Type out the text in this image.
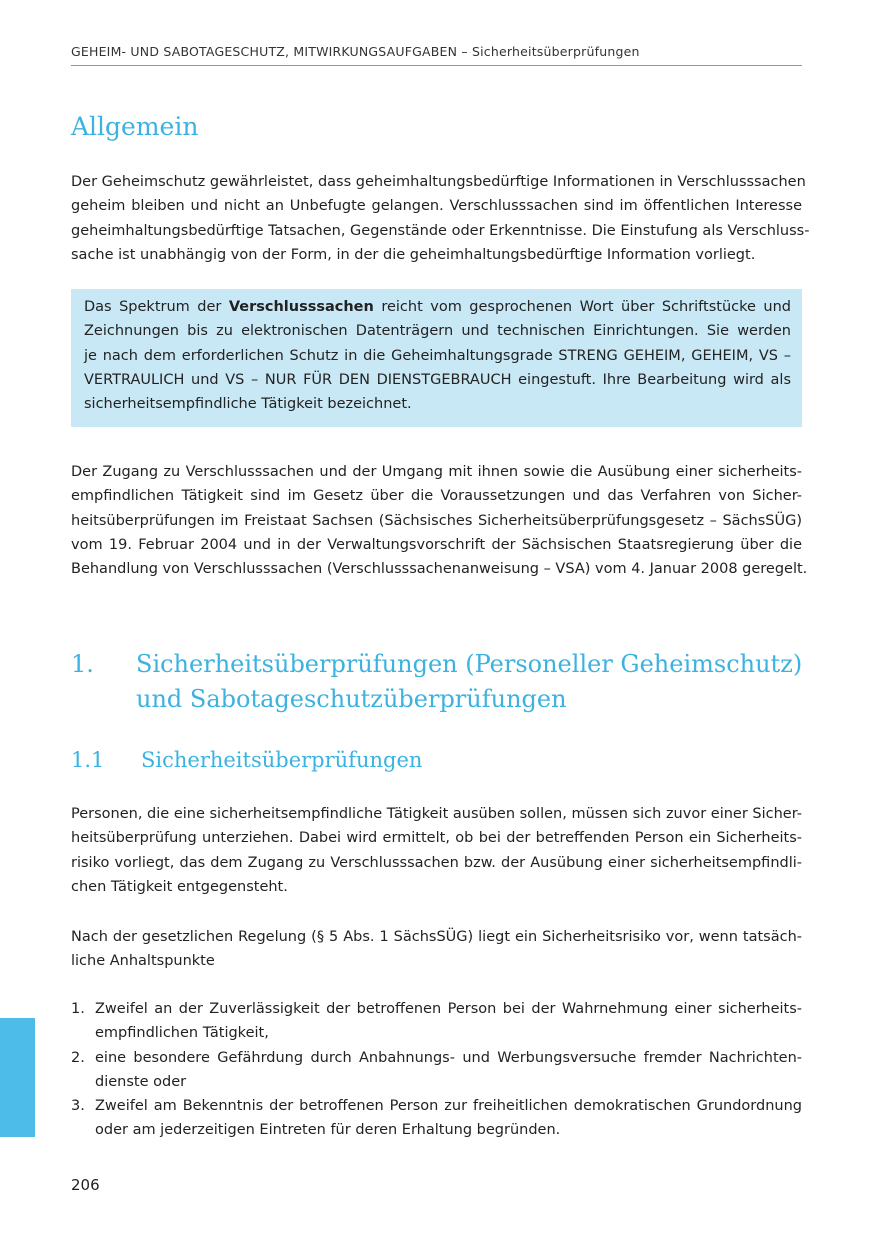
GEHEIM- UND SABOTAGESCHUTZ, MITWIRKUNGSAUFGABEN – Sicherheitsüberprüfungen
Allgemein

Der Geheimschutz gewährleistet, dass geheimhaltungsbedürftige Informationen in Verschlusssachen
geheim bleiben und nicht an Unbefugte gelangen. Verschlusssachen sind im öffentlichen Interesse
geheimhaltungsbedürftige Tatsachen, Gegenstände oder Erkenntnisse. Die Einstufung als Verschluss-
sache ist unabhängig von der Form, in der die geheimhaltungsbedürftige Information vorliegt.

Das Spektrum der Verschlusssachen reicht vom gesprochenen Wort über Schriftstücke und
Zeichnungen bis zu elektronischen Datenträgern und technischen Einrichtungen. Sie werden
je nach dem erforderlichen Schutz in die Geheimhaltungsgrade STRENG GEHEIM, GEHEIM, VS –
VERTRAULICH und VS – NUR FÜR DEN DIENSTGEBRAUCH eingestuft. Ihre Bearbeitung wird als
sicherheitsempfindliche Tätigkeit bezeichnet.

Der Zugang zu Verschlusssachen und der Umgang mit ihnen sowie die Ausübung einer sicherheits-
empfindlichen Tätigkeit sind im Gesetz über die Voraussetzungen und das Verfahren von Sicher-
heitsüberprüfungen im Freistaat Sachsen (Sächsisches Sicherheitsüberprüfungsgesetz – SächsSÜG)
vom 19. Februar 2004 und in der Verwaltungsvorschrift der Sächsischen Staatsregierung über die
Behandlung von Verschlusssachen (Verschlusssachenanweisung – VSA) vom 4. Januar 2008 geregelt.

1. Sicherheitsüberprüfungen (Personeller Geheimschutz)
und Sabotageschutzüberprüfungen
1.1 Sicherheitsüberprüfungen

Personen, die eine sicherheitsempfindliche Tätigkeit ausüben sollen, müssen sich zuvor einer Sicher-
heitsüberprüfung unterziehen. Dabei wird ermittelt, ob bei der betreffenden Person ein Sicherheits-
risiko vorliegt, das dem Zugang zu Verschlusssachen bzw. der Ausübung einer sicherheitsempfindli-
chen Tätigkeit entgegensteht.

Nach der gesetzlichen Regelung (§ 5 Abs. 1 SächsSÜG) liegt ein Sicherheitsrisiko vor, wenn tatsäch-
liche Anhaltspunkte

1. Zweifel an der Zuverlässigkeit der betroffenen Person bei der Wahrnehmung einer sicherheits-
empfindlichen Tätigkeit,
2. eine besondere Gefährdung durch Anbahnungs- und Werbungsversuche fremder Nachrichten-
dienste oder
3. Zweifel am Bekenntnis der betroffenen Person zur freiheitlichen demokratischen Grundordnung
oder am jederzeitigen Eintreten für deren Erhaltung begründen.
206
